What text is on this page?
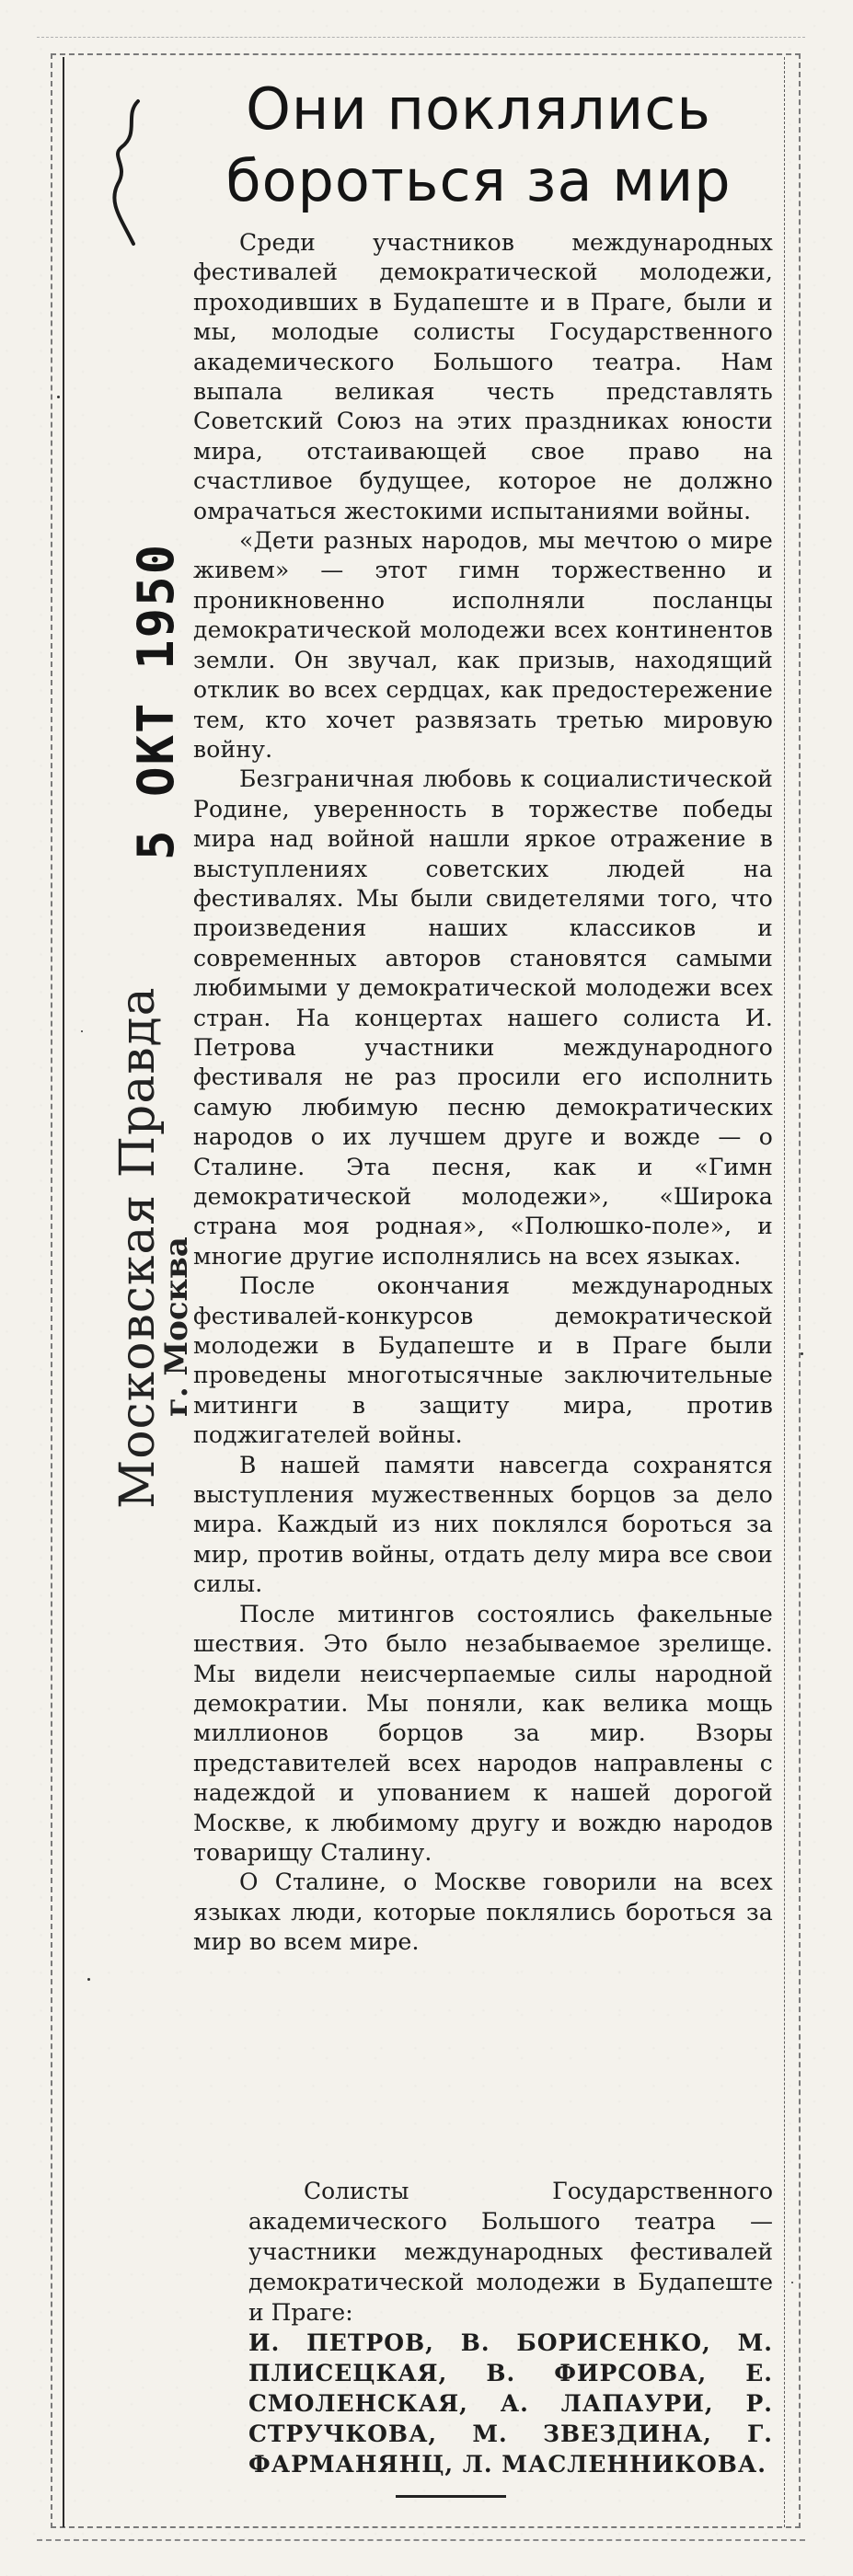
5 ОКТ 1950
Московская Правда
г. Москва
Они поклялись
бороться за мир

Среди участников международных фестивалей демократической молодежи, проходивших в Будапеште и в Праге, были и мы, молодые солисты Государственного академического Большого театра. Нам выпала великая честь представлять Советский Союз на этих праздниках юности мира, отстаивающей свое право на счастливое будущее, которое не должно омрачаться жестокими испытаниями войны.

«Дети разных народов, мы мечтою о мире живем» — этот гимн торжественно и проникновенно исполняли посланцы демократической молодежи всех континентов земли. Он звучал, как призыв, находящий отклик во всех сердцах, как предостережение тем, кто хочет развязать третью мировую войну.

Безграничная любовь к социалистической Родине, уверенность в торжестве победы мира над войной нашли яркое отражение в выступлениях советских людей на фестивалях. Мы были свидетелями того, что произведения наших классиков и современных авторов становятся самыми любимыми у демократической молодежи всех стран. На концертах нашего солиста И. Петрова участники международного фестиваля не раз просили его исполнить самую любимую песню демократических народов о их лучшем друге и вожде — о Сталине. Эта песня, как и «Гимн демократической молодежи», «Широка страна моя родная», «Полюшко-поле», и многие другие исполнялись на всех языках.

После окончания международных фестивалей-конкурсов демократической молодежи в Будапеште и в Праге были проведены многотысячные заключительные митинги в защиту мира, против поджигателей войны.

В нашей памяти навсегда сохранятся выступления мужественных борцов за дело мира. Каждый из них поклялся бороться за мир, против войны, отдать делу мира все свои силы.

После митингов состоялись факельные шествия. Это было незабываемое зрелище. Мы видели неисчерпаемые силы народной демократии. Мы поняли, как велика мощь миллионов борцов за мир. Взоры представителей всех народов направлены с надеждой и упованием к нашей дорогой Москве, к любимому другу и вождю народов товарищу Сталину.

О Сталине, о Москве говорили на всех языках люди, которые поклялись бороться за мир во всем мире.

Солисты Государственного академического Большого театра — участники международных фестивалей демократической молодежи в Будапеште и Праге:
И. ПЕТРОВ, В. БОРИСЕНКО, М. ПЛИСЕЦКАЯ, В. ФИРСОВА, Е. СМОЛЕНСКАЯ, А. ЛАПАУРИ, Р. СТРУЧКОВА, М. ЗВЕЗДИНА, Г. ФАРМАНЯНЦ, Л. МАСЛЕННИКОВА.
